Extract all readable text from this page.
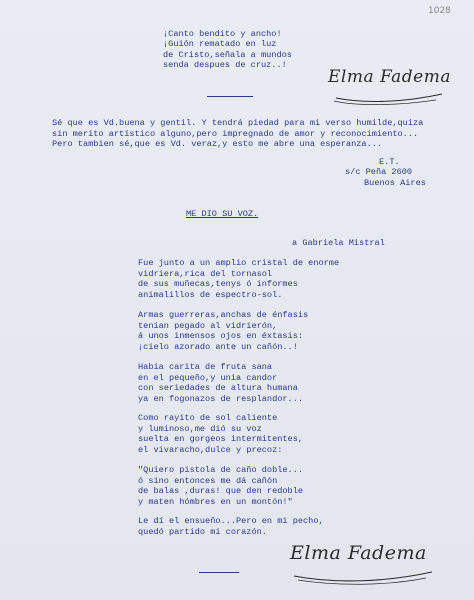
1028
¡Canto bendito y ancho!
¡Guión rematado en luz
de Cristo,señala a mundos
senda despues de cruz..!
Elma Fadema
Sé que es Vd.buena y gentil. Y tendrá piedad para mi verso humilde,quiza
sin merito artístico alguno,pero impregnado de amor y reconocimiento...
Pero tambien sé,que es Vd. veraz,y esto me abre una esperanza...
E.T.
s/c Peña 2600
Buenos Aires
ME DIO SU VOZ.
a Gabriela Mistral
Fue junto a un amplio cristal de enorme
vidriera,rica del tornasol
de sus muñecas,tenys ó informes
animalillos de espectro-sol.
Armas guerreras,anchas de énfasis
tenian pegado al vidrierón,
á unos inmensos ojos en éxtasis:
¡cielo azorado ante un cañón..!
Habia carita de fruta sana
en el pequeño,y unia candor
con seriedades de altura humana
ya en fogonazos de resplandor...
Como rayito de sol caliente
y luminoso,me dió su voz
suelta en gorgeos intermitentes,
el vivaracho,dulce y precoz:
"Quiero pistola de caño doble...
ó sino entonces me dá cañón
de balas ,duras! que den redoble
y maten hómbres en un montón!"
Le dí el ensueño...Pero en mi pecho,
quedó partido mi corazón.
Elma Fadema
